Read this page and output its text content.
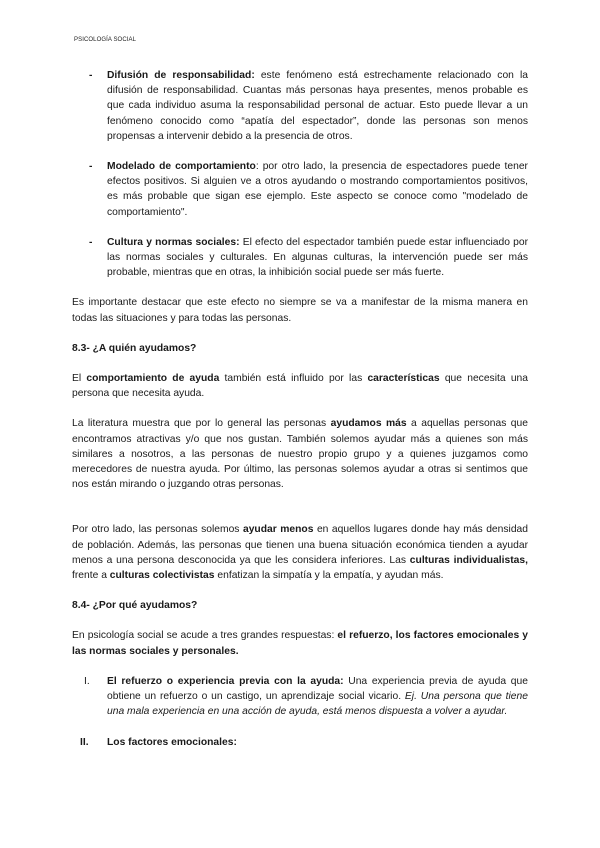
PSICOLOGÍA SOCIAL
- Difusión de responsabilidad: este fenómeno está estrechamente relacionado con la difusión de responsabilidad. Cuantas más personas haya presentes, menos probable es que cada individuo asuma la responsabilidad personal de actuar. Esto puede llevar a un fenómeno conocido como “apatía del espectador”, donde las personas son menos propensas a intervenir debido a la presencia de otros.
- Modelado de comportamiento: por otro lado, la presencia de espectadores puede tener efectos positivos. Si alguien ve a otros ayudando o mostrando comportamientos positivos, es más probable que sigan ese ejemplo. Este aspecto se conoce como "modelado de comportamiento".
- Cultura y normas sociales: El efecto del espectador también puede estar influenciado por las normas sociales y culturales. En algunas culturas, la intervención puede ser más probable, mientras que en otras, la inhibición social puede ser más fuerte.

Es importante destacar que este efecto no siempre se va a manifestar de la misma manera en todas las situaciones y para todas las personas.

8.3- ¿A quién ayudamos?

El comportamiento de ayuda también está influido por las características que necesita una persona que necesita ayuda.

La literatura muestra que por lo general las personas ayudamos más a aquellas personas que encontramos atractivas y/o que nos gustan. También solemos ayudar más a quienes son más similares a nosotros, a las personas de nuestro propio grupo y a quienes juzgamos como merecedores de nuestra ayuda. Por último, las personas solemos ayudar a otras si sentimos que nos están mirando o juzgando otras personas.

Por otro lado, las personas solemos ayudar menos en aquellos lugares donde hay más densidad de población. Además, las personas que tienen una buena situación económica tienden a ayudar menos a una persona desconocida ya que les considera inferiores. Las culturas individualistas, frente a culturas colectivistas enfatizan la simpatía y la empatía, y ayudan más.

8.4- ¿Por qué ayudamos?

En psicología social se acude a tres grandes respuestas: el refuerzo, los factores emocionales y las normas sociales y personales.

I. El refuerzo o experiencia previa con la ayuda: Una experiencia previa de ayuda que obtiene un refuerzo o un castigo, un aprendizaje social vicario. Ej. Una persona que tiene una mala experiencia en una acción de ayuda, está menos dispuesta a volver a ayudar.
II. Los factores emocionales:
